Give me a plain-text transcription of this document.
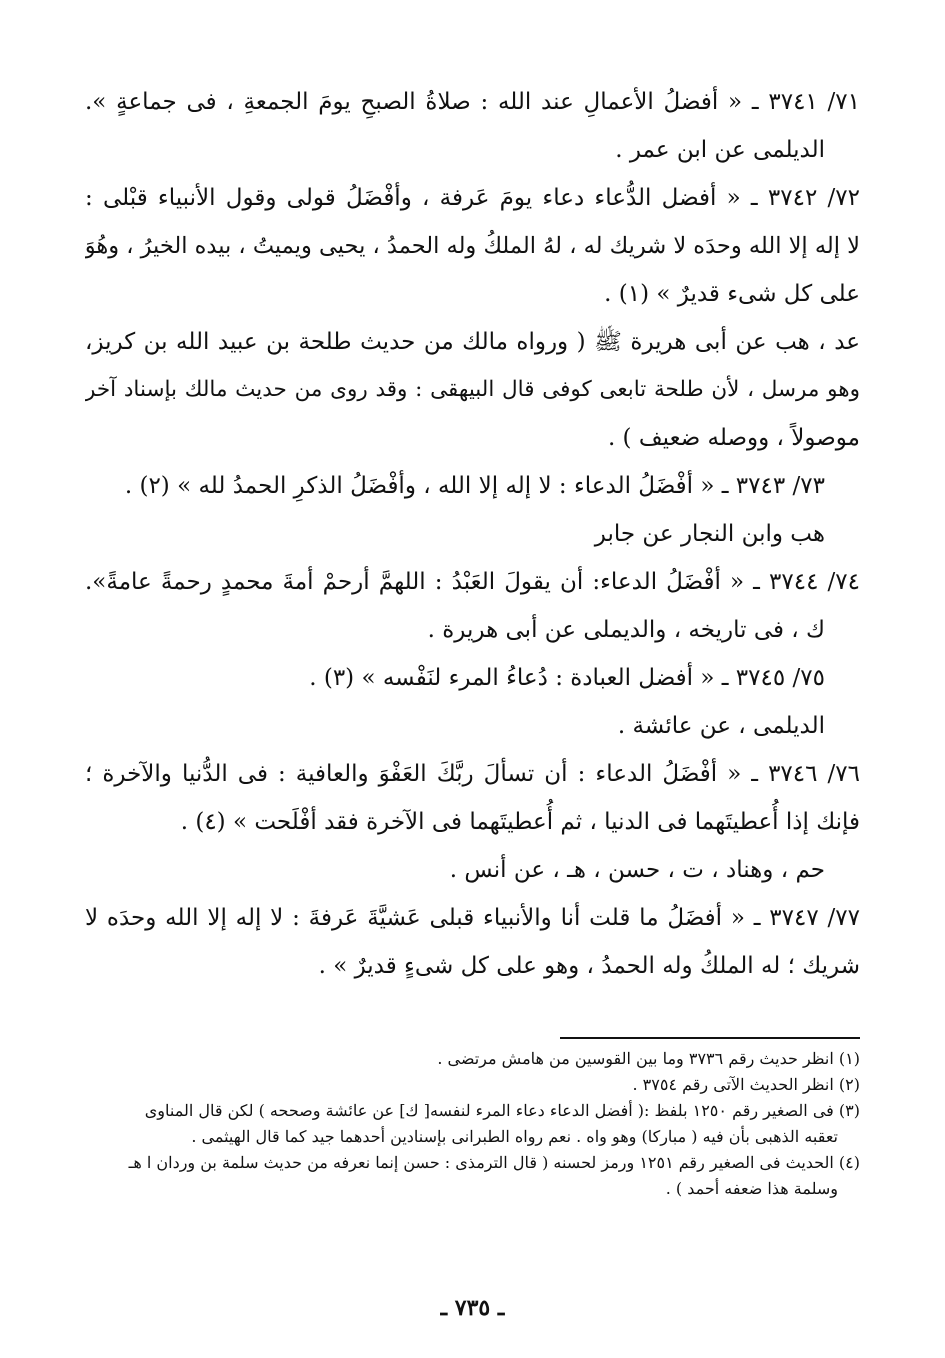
٧١/ ٣٧٤١ ـ « أفضلُ الأعمالِ عند الله : صلاةُ الصبحِ يومَ الجمعةِ ، فى جماعةٍ ».
الديلمى عن ابن عمر .
٧٢/ ٣٧٤٢ ـ « أفضل الدُّعاء دعاء يومَ عَرفة ، وأفْضَلُ قولى وقول الأنبياء قبْلى :
لا إله إلا الله وحدَه لا شريك له ، لهُ الملكُ وله الحمدُ ، يحيى ويميتُ ، بيده الخيرُ ، وهُوَ
على كل شىء قديرٌ » (١) .
عد ، هب عن أبى هريرة ﷺ ( ورواه مالك من حديث طلحة بن عبيد الله بن كريز،
وهو مرسل ، لأن طلحة تابعى كوفى قال البيهقى : وقد روى من حديث مالك بإسناد آخر
موصولاً ، ووصله ضعيف ) .
٧٣/ ٣٧٤٣ ـ « أفْضَلُ الدعاء : لا إله إلا الله ، وأفْضَلُ الذكرِ الحمدُ لله » (٢) .
هب وابن النجار عن جابر
٧٤/ ٣٧٤٤ ـ « أفْضَلُ الدعاء: أن يقولَ العَبْدُ : اللهمَّ أرحمْ أمةَ محمدٍ رحمةً عامةً».
ك ، فى تاريخه ، والديملى عن أبى هريرة .
٧٥/ ٣٧٤٥ ـ « أفضل العبادة : دُعاءُ المرء لنَفْسه » (٣) .
الديلمى ، عن عائشة .
٧٦/ ٣٧٤٦ ـ « أفْضَلُ الدعاء : أن تسألَ ربَّكَ العَفْوَ والعافية : فى الدُّنيا والآخرة ؛
فإنك إذا أُعطيتَهما فى الدنيا ، ثم أُعطيتَهما فى الآخرة فقد أفْلَحت » (٤) .
حم ، وهناد ، ت ، حسن ، هـ ، عن أنس .
٧٧/ ٣٧٤٧ ـ « أفضَلُ ما قلت أنا والأنبياء قبلى عَشيَّةَ عَرفةَ : لا إله إلا الله وحدَه لا
شريك ؛ له الملكُ وله الحمدُ ، وهو على كل شىءٍ قديرٌ » .
(١) انظر حديث رقم ٣٧٣٦ وما بين القوسين من هامش مرتضى .
(٢) انظر الحديث الآتى رقم ٣٧٥٤ .
(٣) فى الصغير رقم ١٢٥٠ بلفظ :( أفضل الدعاء دعاء المرء لنفسه[ ك] عن عائشة وصححه ) لكن قال المناوى
تعقبه الذهبى بأن فيه ( مباركا) وهو واه . نعم رواه الطبرانى بإسنادين أحدهما جيد كما قال الهيثمى .
(٤) الحديث فى الصغير رقم ١٢٥١ ورمز لحسنه ( قال الترمذى : حسن إنما نعرفه من حديث سلمة بن وردان ا هـ
وسلمة هذا ضعفه أحمد ) .
ـ ٧٣٥ ـ
